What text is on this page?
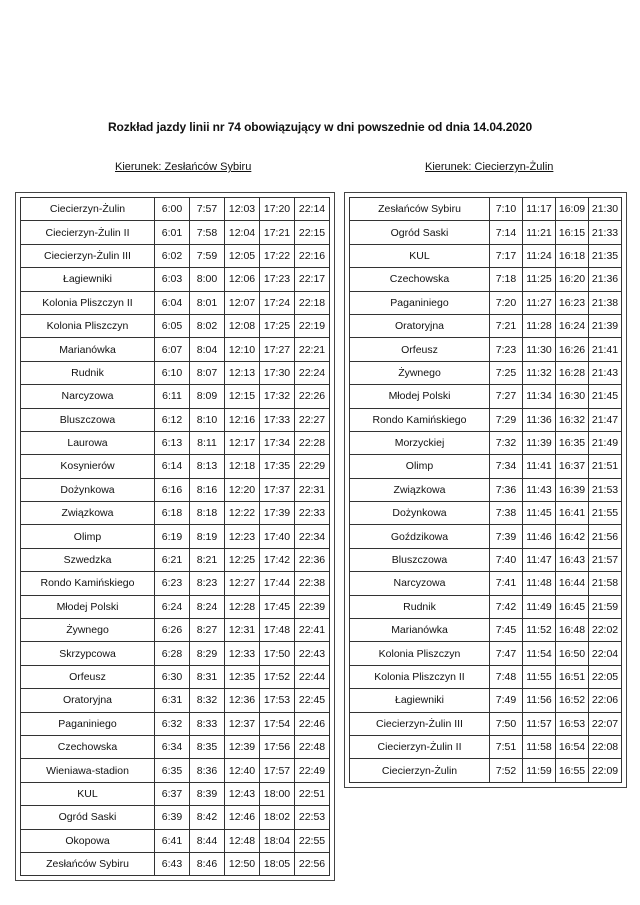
Rozkład jazdy linii nr 74 obowiązujący w dni powszednie od dnia 14.04.2020
Kierunek: Zesłańców Sybiru	Kierunek: Ciecierzyn-Żulin
Ciecierzyn-Żulin	6:00	7:57	12:03	17:20	22:14
Ciecierzyn-Żulin II	6:01	7:58	12:04	17:21	22:15
Ciecierzyn-Żulin III	6:02	7:59	12:05	17:22	22:16
Łagiewniki	6:03	8:00	12:06	17:23	22:17
Kolonia Pliszczyn II	6:04	8:01	12:07	17:24	22:18
Kolonia Pliszczyn	6:05	8:02	12:08	17:25	22:19
Marianówka	6:07	8:04	12:10	17:27	22:21
Rudnik	6:10	8:07	12:13	17:30	22:24
Narcyzowa	6:11	8:09	12:15	17:32	22:26
Bluszczowa	6:12	8:10	12:16	17:33	22:27
Laurowa	6:13	8:11	12:17	17:34	22:28
Kosynierów	6:14	8:13	12:18	17:35	22:29
Dożynkowa	6:16	8:16	12:20	17:37	22:31
Związkowa	6:18	8:18	12:22	17:39	22:33
Olimp	6:19	8:19	12:23	17:40	22:34
Szwedzka	6:21	8:21	12:25	17:42	22:36
Rondo Kamińskiego	6:23	8:23	12:27	17:44	22:38
Młodej Polski	6:24	8:24	12:28	17:45	22:39
Żywnego	6:26	8:27	12:31	17:48	22:41
Skrzypcowa	6:28	8:29	12:33	17:50	22:43
Orfeusz	6:30	8:31	12:35	17:52	22:44
Oratoryjna	6:31	8:32	12:36	17:53	22:45
Paganiniego	6:32	8:33	12:37	17:54	22:46
Czechowska	6:34	8:35	12:39	17:56	22:48
Wieniawa-stadion	6:35	8:36	12:40	17:57	22:49
KUL	6:37	8:39	12:43	18:00	22:51
Ogród Saski	6:39	8:42	12:46	18:02	22:53
Okopowa	6:41	8:44	12:48	18:04	22:55
Zesłańców Sybiru	6:43	8:46	12:50	18:05	22:56
Zesłańców Sybiru	7:10	11:17	16:09	21:30
Ogród Saski	7:14	11:21	16:15	21:33
KUL	7:17	11:24	16:18	21:35
Czechowska	7:18	11:25	16:20	21:36
Paganiniego	7:20	11:27	16:23	21:38
Oratoryjna	7:21	11:28	16:24	21:39
Orfeusz	7:23	11:30	16:26	21:41
Żywnego	7:25	11:32	16:28	21:43
Młodej Polski	7:27	11:34	16:30	21:45
Rondo Kamińskiego	7:29	11:36	16:32	21:47
Morzyckiej	7:32	11:39	16:35	21:49
Olimp	7:34	11:41	16:37	21:51
Związkowa	7:36	11:43	16:39	21:53
Dożynkowa	7:38	11:45	16:41	21:55
Goździkowa	7:39	11:46	16:42	21:56
Bluszczowa	7:40	11:47	16:43	21:57
Narcyzowa	7:41	11:48	16:44	21:58
Rudnik	7:42	11:49	16:45	21:59
Marianówka	7:45	11:52	16:48	22:02
Kolonia Pliszczyn	7:47	11:54	16:50	22:04
Kolonia Pliszczyn II	7:48	11:55	16:51	22:05
Łagiewniki	7:49	11:56	16:52	22:06
Ciecierzyn-Żulin III	7:50	11:57	16:53	22:07
Ciecierzyn-Żulin II	7:51	11:58	16:54	22:08
Ciecierzyn-Żulin	7:52	11:59	16:55	22:09
